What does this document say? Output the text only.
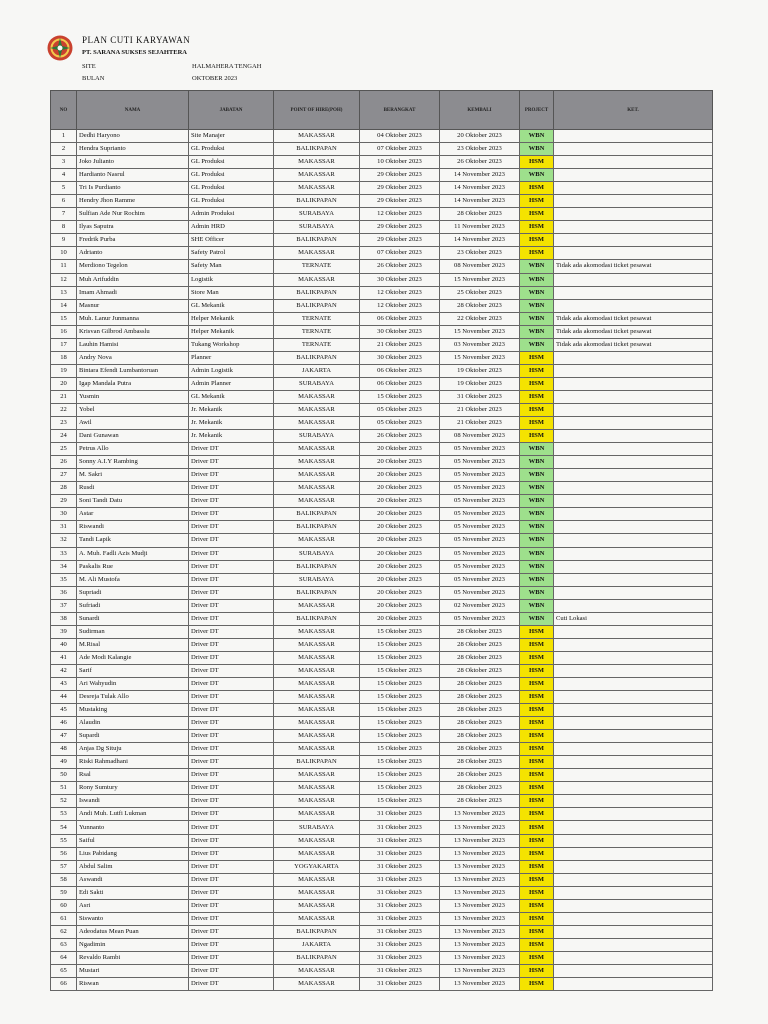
PLAN CUTI KARYAWAN
PT. SARANA SUKSES SEJAHTERA
SITE	HALMAHERA TENGAH
BULAN	OKTOBER 2023
NO	NAMA	JABATAN	POINT OF HIRE(POH)	BERANGKAT	KEMBALI	PROJECT	KET.
1	Dedhi Haryono	Site Manajer	MAKASSAR	04 Oktober 2023	20 Oktober 2023	WBN	
2	Hendra Suprianto	GL Produksi	BALIKPAPAN	07 Oktober 2023	23 Oktober 2023	WBN	
3	Joko Julianto	GL Produksi	MAKASSAR	10 Oktober 2023	26 Oktober 2023	HSM	
4	Hardianto Nasrul	GL Produksi	MAKASSAR	29 Oktober 2023	14 November 2023	WBN	
5	Tri Is Purdianto	GL Produksi	MAKASSAR	29 Oktober 2023	14 November 2023	HSM	
6	Hendry Jhon Ramme	GL Produksi	BALIKPAPAN	29 Oktober 2023	14 November 2023	HSM	
7	Sulfian Ade Nur Rochim	Admin Produksi	SURABAYA	12 Oktober 2023	28 Oktober 2023	HSM	
8	Ilyas Saputra	Admin HRD	SURABAYA	29 Oktober 2023	11 November 2023	HSM	
9	Fredrik Purba	SHE Officer	BALIKPAPAN	29 Oktober 2023	14 November 2023	HSM	
10	Adrianto	Safety Patrol	MAKASSAR	07 Oktober 2023	23 Oktober 2023	HSM	
11	Merdiono Tegelon	Safety Man	TERNATE	26 Oktober 2023	08 November 2023	WBN	Tidak ada akomodasi ticket pesawat
12	Muh Arifuddin	Logistik	MAKASSAR	30 Oktober 2023	15 November 2023	WBN	
13	Imam Ahmadi	Store Man	BALIKPAPAN	12 Oktober 2023	25 Oktober 2023	WBN	
14	Masnur	GL Mekanik	BALIKPAPAN	12 Oktober 2023	28 Oktober 2023	WBN	
15	Muh. Lanur Junmanna	Helper Mekanik	TERNATE	06 Oktober 2023	22 Oktober 2023	WBN	Tidak ada akomodasi ticket pesawat
16	Krisvan Gilbrod Ambasslu	Helper Mekanik	TERNATE	30 Oktober 2023	15 November 2023	WBN	Tidak ada akomodasi ticket pesawat
17	Lauhin Hamisi	Tukang Workshop	TERNATE	21 Oktober 2023	03 November 2023	WBN	Tidak ada akomodasi ticket pesawat
18	Andry Nova	Planner	BALIKPAPAN	30 Oktober 2023	15 November 2023	HSM	
19	Bintara Efendi Lumbantoruan	Admin Logistik	JAKARTA	06 Oktober 2023	19 Oktober 2023	HSM	
20	Igap Mandala Putra	Admin Planner	SURABAYA	06 Oktober 2023	19 Oktober 2023	HSM	
21	Yusmin	GL Mekanik	MAKASSAR	15 Oktober 2023	31 Oktober 2023	HSM	
22	Yobel	Jr. Mekanik	MAKASSAR	05 Oktober 2023	21 Oktober 2023	HSM	
23	Awil	Jr. Mekanik	MAKASSAR	05 Oktober 2023	21 Oktober 2023	HSM	
24	Dani Gunawan	Jr. Mekanik	SURABAYA	26 Oktober 2023	08 November 2023	HSM	
25	Petrus Allo	Driver DT	MAKASSAR	20 Oktober 2023	05 November 2023	WBN	
26	Sonny A.I.Y Rambing	Driver DT	MAKASSAR	20 Oktober 2023	05 November 2023	WBN	
27	M. Sakri	Driver DT	MAKASSAR	20 Oktober 2023	05 November 2023	WBN	
28	Rusdi	Driver DT	MAKASSAR	20 Oktober 2023	05 November 2023	WBN	
29	Soni Tandi Datu	Driver DT	MAKASSAR	20 Oktober 2023	05 November 2023	WBN	
30	Astar	Driver DT	BALIKPAPAN	20 Oktober 2023	05 November 2023	WBN	
31	Riswandi	Driver DT	BALIKPAPAN	20 Oktober 2023	05 November 2023	WBN	
32	Tandi Lapik	Driver DT	MAKASSAR	20 Oktober 2023	05 November 2023	WBN	
33	A. Muh. Fadli Azis Mudji	Driver DT	SURABAYA	20 Oktober 2023	05 November 2023	WBN	
34	Paskalis Rue	Driver DT	BALIKPAPAN	20 Oktober 2023	05 November 2023	WBN	
35	M. Ali Mustofa	Driver DT	SURABAYA	20 Oktober 2023	05 November 2023	WBN	
36	Supriadi	Driver DT	BALIKPAPAN	20 Oktober 2023	05 November 2023	WBN	
37	Sufriadi	Driver DT	MAKASSAR	20 Oktober 2023	02 November 2023	WBN	
38	Sunardi	Driver DT	BALIKPAPAN	20 Oktober 2023	05 November 2023	WBN	Cuti Lokasi
39	Sudirman	Driver DT	MAKASSAR	15 Oktober 2023	28 Oktober 2023	HSM	
40	M.Risal	Driver DT	MAKASSAR	15 Oktober 2023	28 Oktober 2023	HSM	
41	Ade Modi Kalangie	Driver DT	MAKASSAR	15 Oktober 2023	28 Oktober 2023	HSM	
42	Sarif	Driver DT	MAKASSAR	15 Oktober 2023	28 Oktober 2023	HSM	
43	Ari Wahyudin	Driver DT	MAKASSAR	15 Oktober 2023	28 Oktober 2023	HSM	
44	Desreja Tulak Allo	Driver DT	MAKASSAR	15 Oktober 2023	28 Oktober 2023	HSM	
45	Mustaking	Driver DT	MAKASSAR	15 Oktober 2023	28 Oktober 2023	HSM	
46	Alaudin	Driver DT	MAKASSAR	15 Oktober 2023	28 Oktober 2023	HSM	
47	Supardi	Driver DT	MAKASSAR	15 Oktober 2023	28 Oktober 2023	HSM	
48	Anjas Dg Situju	Driver DT	MAKASSAR	15 Oktober 2023	28 Oktober 2023	HSM	
49	Riski Rahmadhani	Driver DT	BALIKPAPAN	15 Oktober 2023	28 Oktober 2023	HSM	
50	Rsal	Driver DT	MAKASSAR	15 Oktober 2023	28 Oktober 2023	HSM	
51	Rony Sumtury	Driver DT	MAKASSAR	15 Oktober 2023	28 Oktober 2023	HSM	
52	Iswandi	Driver DT	MAKASSAR	15 Oktober 2023	28 Oktober 2023	HSM	
53	Andi Muh. Lutfi Lukman	Driver DT	MAKASSAR	31 Oktober 2023	13 November 2023	HSM	
54	Yunnanto	Driver DT	SURABAYA	31 Oktober 2023	13 November 2023	HSM	
55	Saiful	Driver DT	MAKASSAR	31 Oktober 2023	13 November 2023	HSM	
56	Lius Pabidang	Driver DT	MAKASSAR	31 Oktober 2023	13 November 2023	HSM	
57	Abdul Salim	Driver DT	YOGYAKARTA	31 Oktober 2023	13 November 2023	HSM	
58	Aswandi	Driver DT	MAKASSAR	31 Oktober 2023	13 November 2023	HSM	
59	Edi Sakti	Driver DT	MAKASSAR	31 Oktober 2023	13 November 2023	HSM	
60	Asri	Driver DT	MAKASSAR	31 Oktober 2023	13 November 2023	HSM	
61	Siswanto	Driver DT	MAKASSAR	31 Oktober 2023	13 November 2023	HSM	
62	Adeodatus Mean Puan	Driver DT	BALIKPAPAN	31 Oktober 2023	13 November 2023	HSM	
63	Ngadimin	Driver DT	JAKARTA	31 Oktober 2023	13 November 2023	HSM	
64	Revaldo Rambi	Driver DT	BALIKPAPAN	31 Oktober 2023	13 November 2023	HSM	
65	Mustari	Driver DT	MAKASSAR	31 Oktober 2023	13 November 2023	HSM	
66	Riswan	Driver DT	MAKASSAR	31 Oktober 2023	13 November 2023	HSM	
